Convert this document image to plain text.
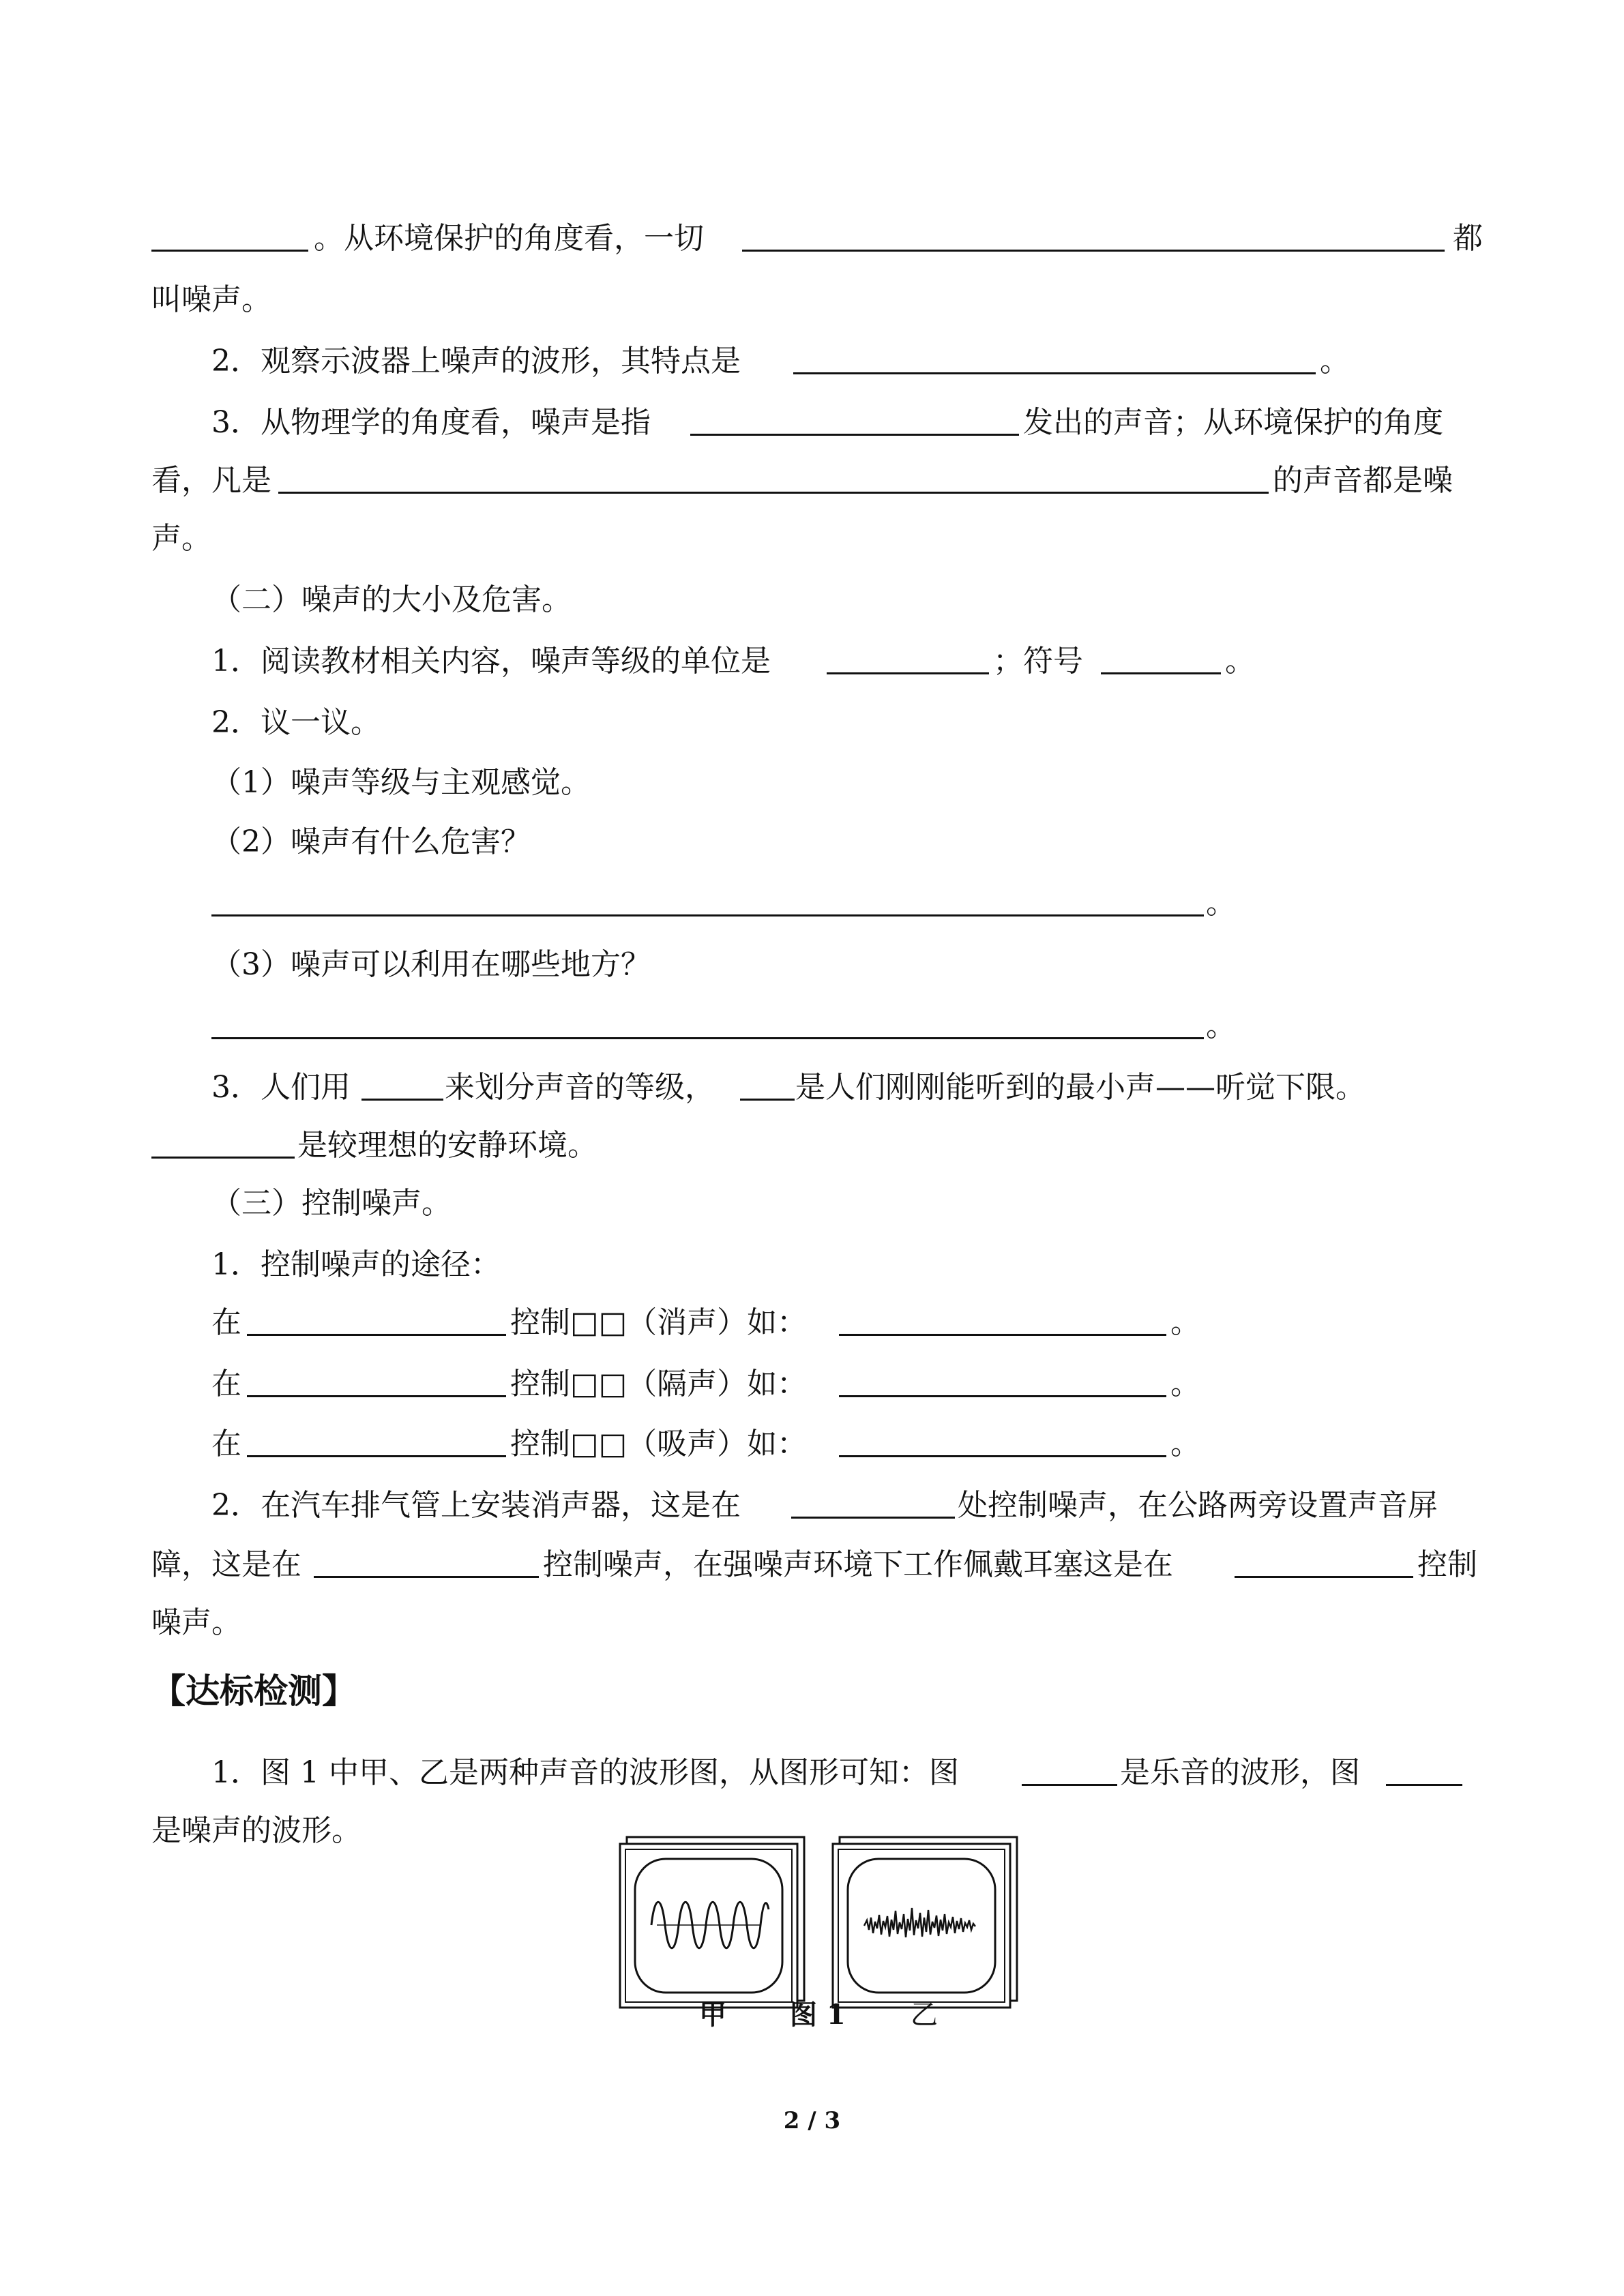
。从环境保护的角度看，一切	都
叫噪声。
2．观察示波器上噪声的波形，其特点是	。
3．从物理学的角度看，噪声是指	发出的声音；从环境保护的角度
看，凡是	的声音都是噪
声。
（二）噪声的大小及危害。
1．阅读教材相关内容，噪声等级的单位是	；符号	。
2．议一议。
（1）噪声等级与主观感觉。
（2）噪声有什么危害？
。
（3）噪声可以利用在哪些地方？
。
3．人们用	来划分声音的等级，	是人们刚刚能听到的最小声——听觉下限。
是较理想的安静环境。
（三）控制噪声。
1．控制噪声的途径：
在	控制□□（消声）如：	。
在	控制□□（隔声）如：	。
在	控制□□（吸声）如：	。
2．在汽车排气管上安装消声器，这是在	处控制噪声，在公路两旁设置声音屏
障，这是在	控制噪声，在强噪声环境下工作佩戴耳塞这是在	控制
噪声。
【达标检测】
1．图 1 中甲、乙是两种声音的波形图，从图形可知：图	是乐音的波形，图
是噪声的波形。
甲 图 1 乙
2 / 3
